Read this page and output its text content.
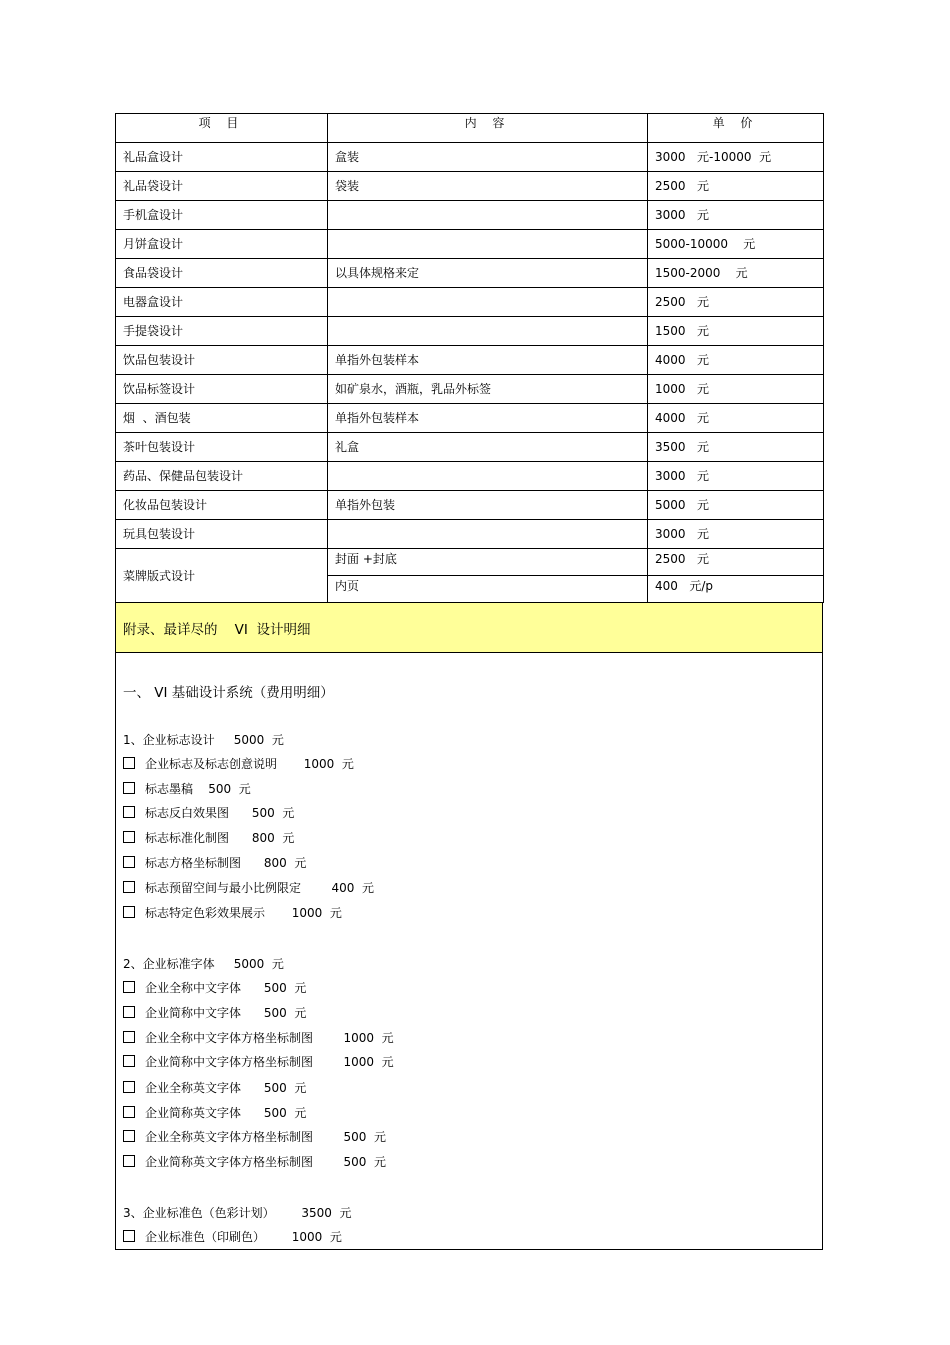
项 目	内 容	单 价
礼品盒设计	盒装	3000   元-10000  元
礼品袋设计	袋装	2500   元
手机盒设计		3000   元
月饼盒设计		5000-10000    元
食品袋设计	以具体规格来定	1500-2000    元
电器盒设计		2500   元
手提袋设计		1500   元
饮品包装设计	单指外包装样本	4000   元
饮品标签设计	如矿泉水，酒瓶，乳品外标签	1000   元
烟  、酒包装	单指外包装样本	4000   元
茶叶包装设计	礼盒	3500   元
药品、保健品包装设计		3000   元
化妆品包装设计	单指外包装	5000   元
玩具包装设计		3000   元
菜牌版式设计	封面 +封底	2500   元
	内页	400   元/p
附录、最详尽的    VI  设计明细
一、 VI 基础设计系统（费用明细）
1、企业标志设计     5000  元
企业标志及标志创意说明       1000  元
标志墨稿    500  元
标志反白效果图      500  元
标志标准化制图      800  元
标志方格坐标制图      800  元
标志预留空间与最小比例限定        400  元
标志特定色彩效果展示       1000  元
2、企业标准字体     5000  元
企业全称中文字体      500  元
企业简称中文字体      500  元
企业全称中文字体方格坐标制图        1000  元
企业简称中文字体方格坐标制图        1000  元
企业全称英文字体      500  元
企业简称英文字体      500  元
企业全称英文字体方格坐标制图        500  元
企业简称英文字体方格坐标制图        500  元
3、企业标准色（色彩计划）       3500  元
企业标准色（印刷色）       1000  元
